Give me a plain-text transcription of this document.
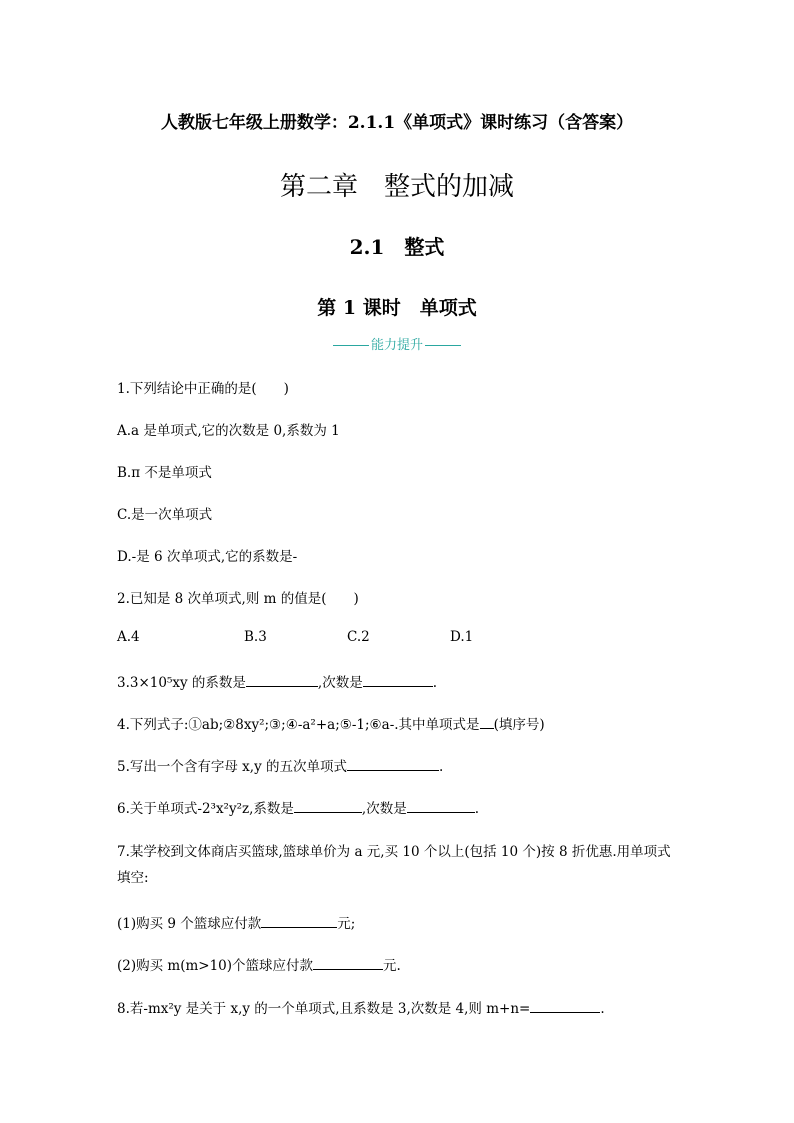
人教版七年级上册数学：2.1.1《单项式》课时练习（含答案）
第二章　整式的加减
2.1　整式
第 1 课时　单项式
能力提升
1.下列结论中正确的是(　　)
A.a 是单项式,它的次数是 0,系数为 1
B.π 不是单项式
C.是一次单项式
D.-是 6 次单项式,它的系数是-
2.已知是 8 次单项式,则 m 的值是(　　)
A.4	B.3	C.2	D.1
3.3×10⁵xy 的系数是	,次数是	.
4.下列式子:①ab;②8xy²;③;④-a²+a;⑤-1;⑥a-.其中单项式是 (填序号)
5.写出一个含有字母 x,y 的五次单项式	.
6.关于单项式-2³x²y²z,系数是	,次数是	.
7.某学校到文体商店买篮球,篮球单价为 a 元,买 10 个以上(包括 10 个)按 8 折优惠.用单项式
填空:
(1)购买 9 个篮球应付款	元;
(2)购买 m(m>10)个篮球应付款	元.
8.若-mx²y 是关于 x,y 的一个单项式,且系数是 3,次数是 4,则 m+n=	.
